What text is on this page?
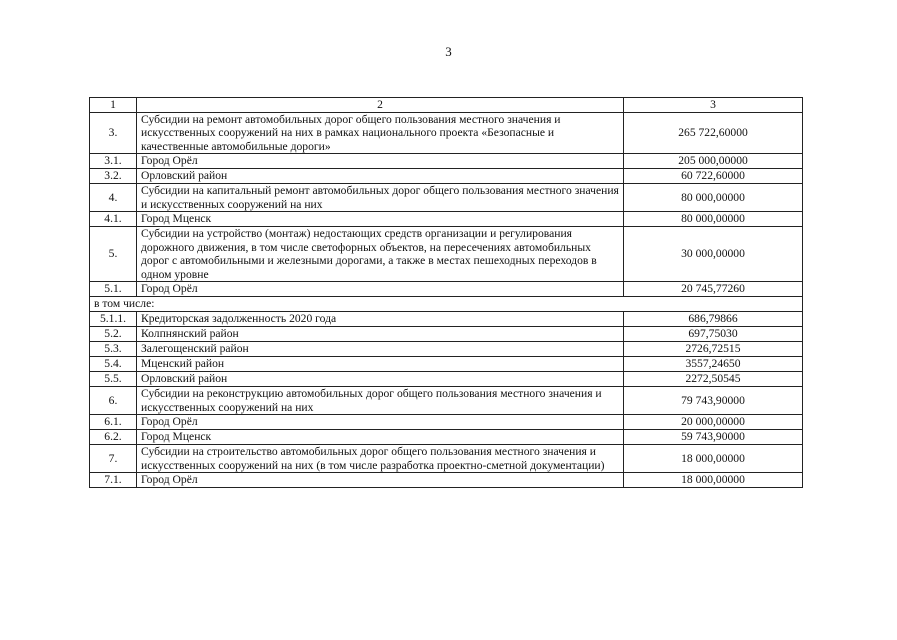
3
1	2	3
3.	Субсидии на ремонт автомобильных дорог общего пользования местного значения и искусственных сооружений на них в рамках национального проекта «Безопасные и качественные автомобильные дороги»	265 722,60000
3.1.	Город Орёл	205 000,00000
3.2.	Орловский район	60 722,60000
4.	Субсидии на капитальный ремонт автомобильных дорог общего пользования местного значения и искусственных сооружений на них	80 000,00000
4.1.	Город Мценск	80 000,00000
5.	Субсидии на устройство (монтаж) недостающих средств организации и регулирования дорожного движения, в том числе светофорных объектов, на пересечениях автомобильных дорог с автомобильными и железными дорогами, а также в местах пешеходных переходов в одном уровне	30 000,00000
5.1.	Город Орёл	20 745,77260
в том числе:		
5.1.1.	Кредиторская задолженность 2020 года	686,79866
5.2.	Колпнянский район	697,75030
5.3.	Залегощенский район	2726,72515
5.4.	Мценский район	3557,24650
5.5.	Орловский район	2272,50545
6.	Субсидии на реконструкцию автомобильных дорог общего пользования местного значения и искусственных сооружений на них	79 743,90000
6.1.	Город Орёл	20 000,00000
6.2.	Город Мценск	59 743,90000
7.	Субсидии на строительство автомобильных дорог общего пользования местного значения и искусственных сооружений на них (в том числе разработка проектно-сметной документации)	18 000,00000
7.1.	Город Орёл	18 000,00000
